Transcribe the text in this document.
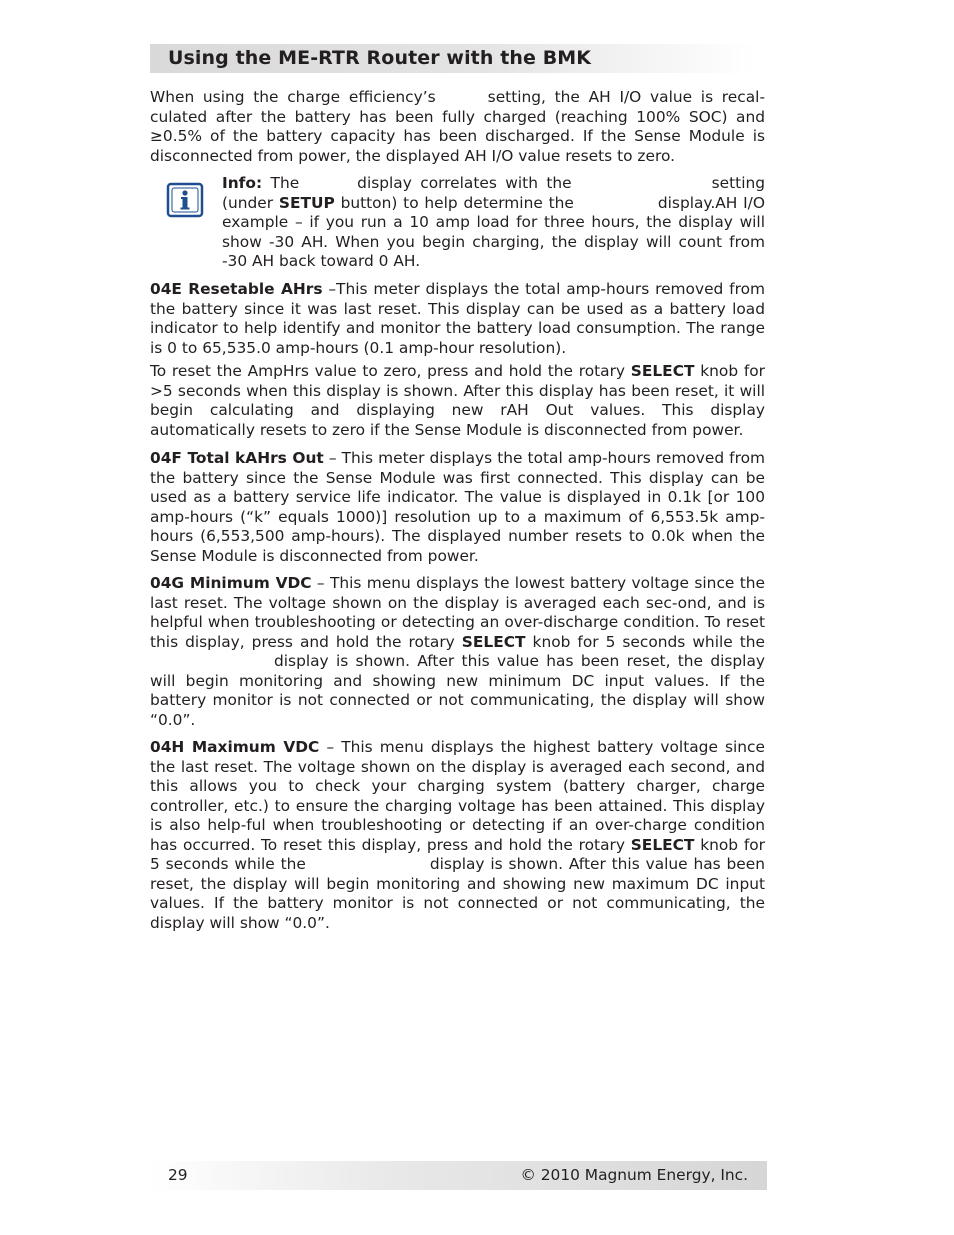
Using the ME-RTR Router with the BMK

When using the charge efficiency’s	setting, the AH I/O value is recal-culated after the battery has been fully charged (reaching 100% SOC) and ≥0.5% of the battery capacity has been discharged. If the Sense Module is disconnected from power, the displayed AH I/O value resets to zero.

Info: The	display correlates with the	setting (under SETUP button) to help determine the	display.AH I/O example – if you run a 10 amp load for three hours, the display will show -30 AH. When you begin charging, the display will count from -30 AH back toward 0 AH.

04E Resetable AHrs –This meter displays the total amp-hours removed from the battery since it was last reset. This display can be used as a battery load indicator to help identify and monitor the battery load consumption. The range is 0 to 65,535.0 amp-hours (0.1 amp-hour resolution).

To reset the AmpHrs value to zero, press and hold the rotary SELECT knob for >5 seconds when this display is shown. After this display has been reset, it will begin calculating and displaying new rAH Out values. This display automatically resets to zero if the Sense Module is disconnected from power.

04F Total kAHrs Out – This meter displays the total amp-hours removed from the battery since the Sense Module was first connected. This display can be used as a battery service life indicator. The value is displayed in 0.1k [or 100 amp-hours (“k” equals 1000)] resolution up to a maximum of 6,553.5k amp-hours (6,553,500 amp-hours). The displayed number resets to 0.0k when the Sense Module is disconnected from power.

04G Minimum VDC – This menu displays the lowest battery voltage since the last reset. The voltage shown on the display is averaged each sec-ond, and is helpful when troubleshooting or detecting an over-discharge condition. To reset this display, press and hold the rotary SELECT knob for 5 seconds while thedisplay is shown. After this value has been reset, the display will begin monitoring and showing new minimum DC input values. If the battery monitor is not connected or not communicating, the display will show “0.0”.

04H Maximum VDC – This menu displays the highest battery voltage since the last reset. The voltage shown on the display is averaged each second, and this allows you to check your charging system (battery charger, charge controller, etc.) to ensure the charging voltage has been attained. This display is also help-ful when troubleshooting or detecting if an over-charge condition has occurred. To reset this display, press and hold the rotary SELECT knob for 5 seconds while the	display is shown. After this value has been reset, the display will begin monitoring and showing new maximum DC input values. If the battery monitor is not connected or not communicating, the display will show “0.0”.

29	© 2010 Magnum Energy, Inc.
